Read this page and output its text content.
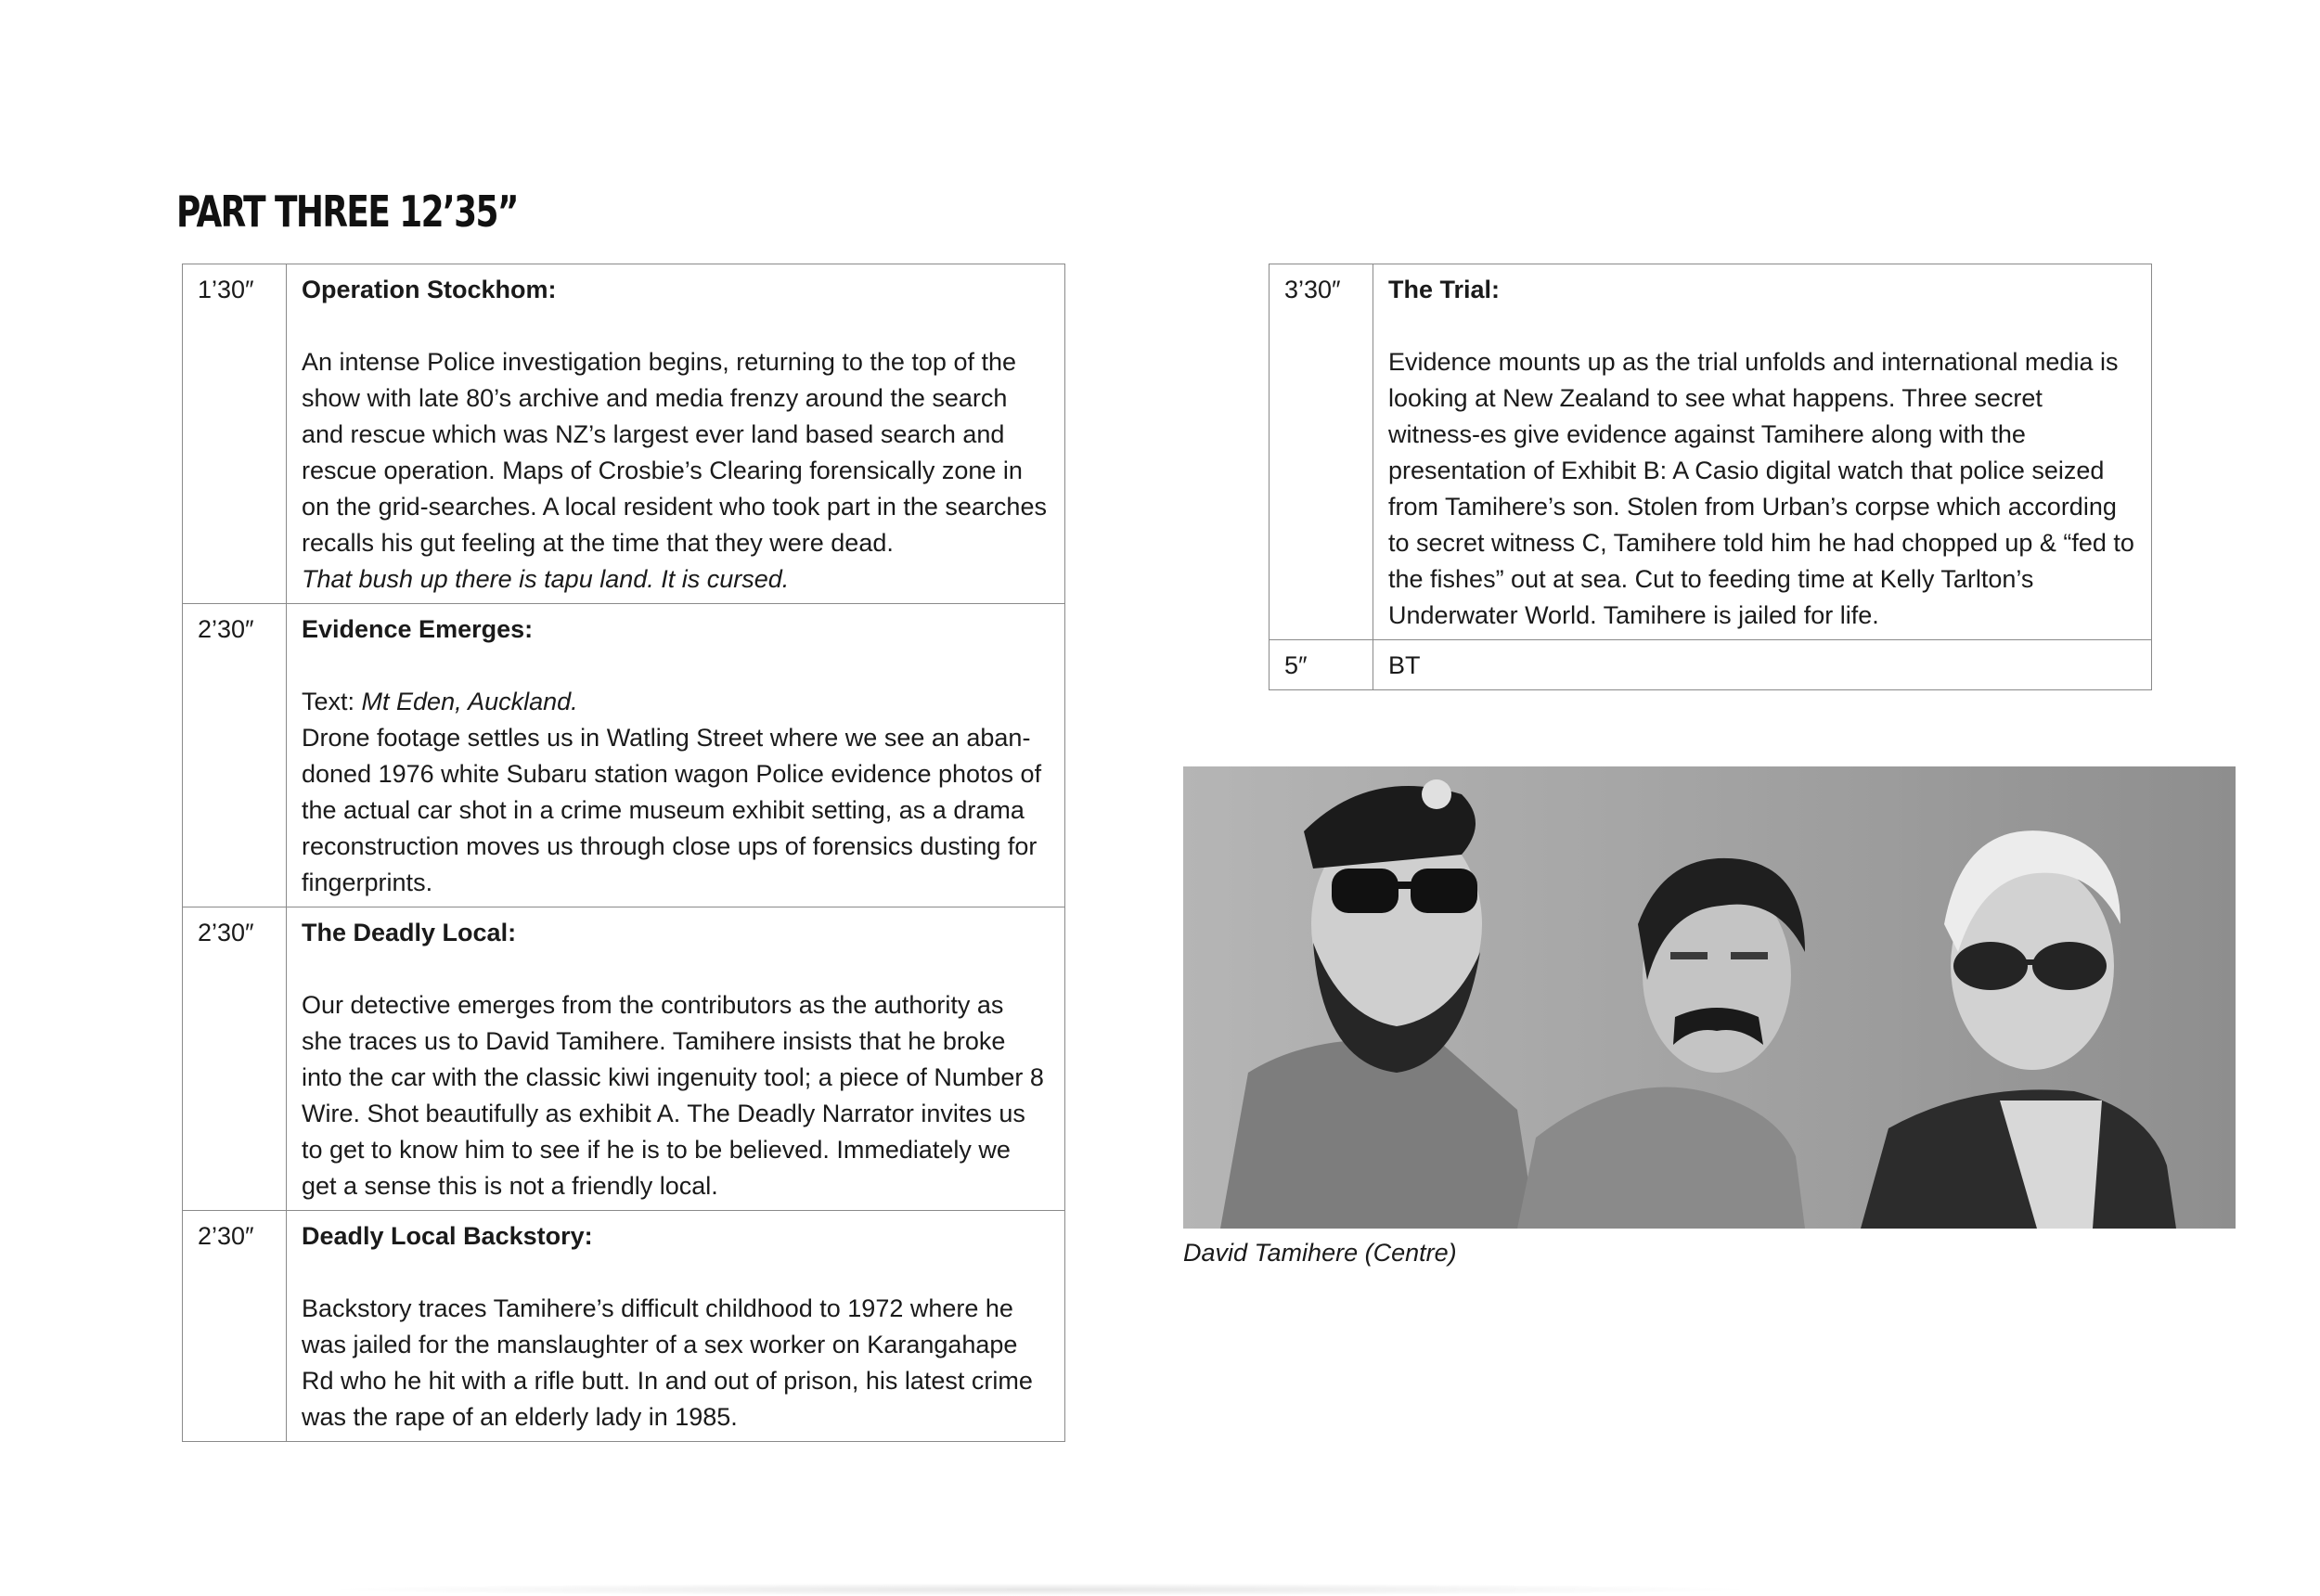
PART THREE 12’35”
1’30″	Operation Stockhom:
An intense Police investigation begins, returning to the top of the show with late 80’s archive and media frenzy around the search and rescue which was NZ’s largest ever land based search and rescue operation. Maps of Crosbie’s Clearing forensically zone in on the grid-searches. A local resident who took part in the searches recalls his gut feeling at the time that they were dead.
That bush up there is tapu land. It is cursed.

2’30″	Evidence Emerges:
Text: Mt Eden, Auckland.
Drone footage settles us in Watling Street where we see an aban-doned 1976 white Subaru station wagon Police evidence photos of the actual car shot in a crime museum exhibit setting, as a drama reconstruction moves us through close ups of forensics dusting for fingerprints.

2’30″	The Deadly Local:
Our detective emerges from the contributors as the authority as she traces us to David Tamihere. Tamihere insists that he broke into the car with the classic kiwi ingenuity tool; a piece of Number 8 Wire. Shot beautifully as exhibit A. The Deadly Narrator invites us to get to know him to see if he is to be believed. Immediately we get a sense this is not a friendly local.

2’30″	Deadly Local Backstory:
Backstory traces Tamihere’s difficult childhood to 1972 where he was jailed for the manslaughter of a sex worker on Karangahape Rd who he hit with a rifle butt. In and out of prison, his latest crime was the rape of an elderly lady in 1985.
3’30″	The Trial:
Evidence mounts up as the trial unfolds and international media is looking at New Zealand to see what happens. Three secret witness-es give evidence against Tamihere along with the presentation of Exhibit B: A Casio digital watch that police seized from Tamihere’s son. Stolen from Urban’s corpse which according to secret witness C, Tamihere told him he had chopped up & “fed to the fishes” out at sea. Cut to feeding time at Kelly Tarlton’s Underwater World. Tamihere is jailed for life.

5″	BT
David Tamihere (Centre)
